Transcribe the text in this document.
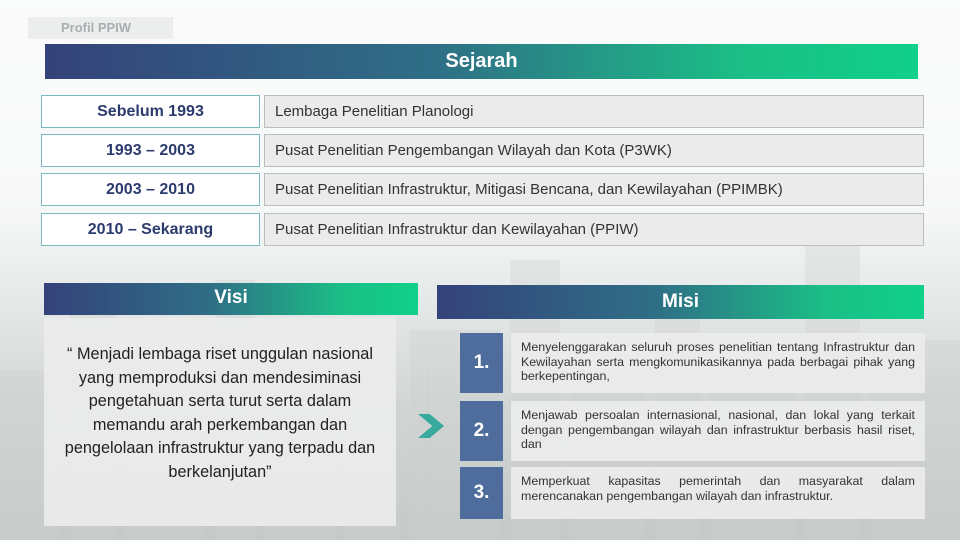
Profil PPIW
Sejarah
Sebelum 1993	Lembaga Penelitian Planologi
1993 – 2003	Pusat Penelitian Pengembangan Wilayah dan Kota (P3WK)
2003 – 2010	Pusat Penelitian Infrastruktur, Mitigasi Bencana, dan Kewilayahan (PPIMBK)
2010 – Sekarang	Pusat Penelitian Infrastruktur dan Kewilayahan (PPIW)
Visi
“ Menjadi lembaga riset unggulan nasional yang memproduksi dan mendesiminasi pengetahuan serta turut serta dalam memandu arah perkembangan dan pengelolaan infrastruktur yang terpadu dan berkelanjutan”
Misi
1.
Menyelenggarakan seluruh proses penelitian tentang Infrastruktur dan Kewilayahan serta mengkomunikasikannya pada berbagai pihak yang berkepentingan,
2.
Menjawab persoalan internasional, nasional, dan lokal yang terkait dengan pengembangan wilayah dan infrastruktur berbasis hasil riset, dan
3.
Memperkuat kapasitas pemerintah dan masyarakat dalam merencanakan pengembangan wilayah dan infrastruktur.
